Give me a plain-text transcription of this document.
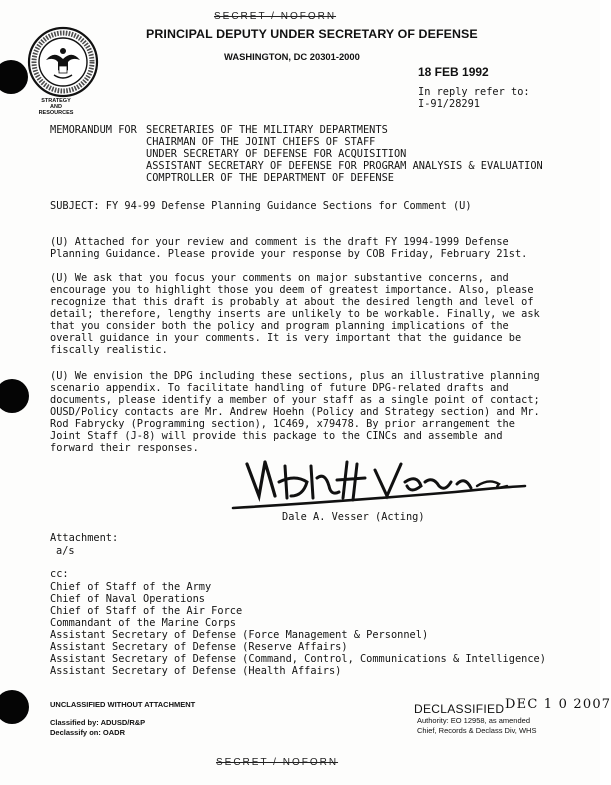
SECRET / NOFORN
STRATEGY AND RESOURCES
PRINCIPAL DEPUTY UNDER SECRETARY OF DEFENSE
WASHINGTON, DC 20301-2000
18 FEB 1992
In reply refer to:
I-91/28291
MEMORANDUM FOR SECRETARIES OF THE MILITARY DEPARTMENTS
CHAIRMAN OF THE JOINT CHIEFS OF STAFF
UNDER SECRETARY OF DEFENSE FOR ACQUISITION
ASSISTANT SECRETARY OF DEFENSE FOR PROGRAM ANALYSIS & EVALUATION
COMPTROLLER OF THE DEPARTMENT OF DEFENSE
SUBJECT: FY 94-99 Defense Planning Guidance Sections for Comment (U)

(U) Attached for your review and comment is the draft FY 1994-1999 Defense Planning Guidance. Please provide your response by COB Friday, February 21st.

(U) We ask that you focus your comments on major substantive concerns, and encourage you to highlight those you deem of greatest importance. Also, please recognize that this draft is probably at about the desired length and level of detail; therefore, lengthy inserts are unlikely to be workable. Finally, we ask that you consider both the policy and program planning implications of the overall guidance in your comments. It is very important that the guidance be fiscally realistic.

(U) We envision the DPG including these sections, plus an illustrative planning scenario appendix. To facilitate handling of future DPG-related drafts and documents, please identify a member of your staff as a single point of contact; OUSD/Policy contacts are Mr. Andrew Hoehn (Policy and Strategy section) and Mr. Rod Fabrycky (Programming section), 1C469, x79478. By prior arrangement the Joint Staff (J-8) will provide this package to the CINCs and assemble and forward their responses.

Dale A. Vesser (Acting)
Attachment:
a/s
cc:
Chief of Staff of the Army
Chief of Naval Operations
Chief of Staff of the Air Force
Commandant of the Marine Corps
Assistant Secretary of Defense (Force Management & Personnel)
Assistant Secretary of Defense (Reserve Affairs)
Assistant Secretary of Defense (Command, Control, Communications & Intelligence)
Assistant Secretary of Defense (Health Affairs)
UNCLASSIFIED WITHOUT ATTACHMENT
Classified by: ADUSD/R&P
Declassify on: OADR
DECLASSIFIED DEC 1 0 2007
Authority: EO 12958, as amended
Chief, Records & Declass Div, WHS
SECRET / NOFORN
